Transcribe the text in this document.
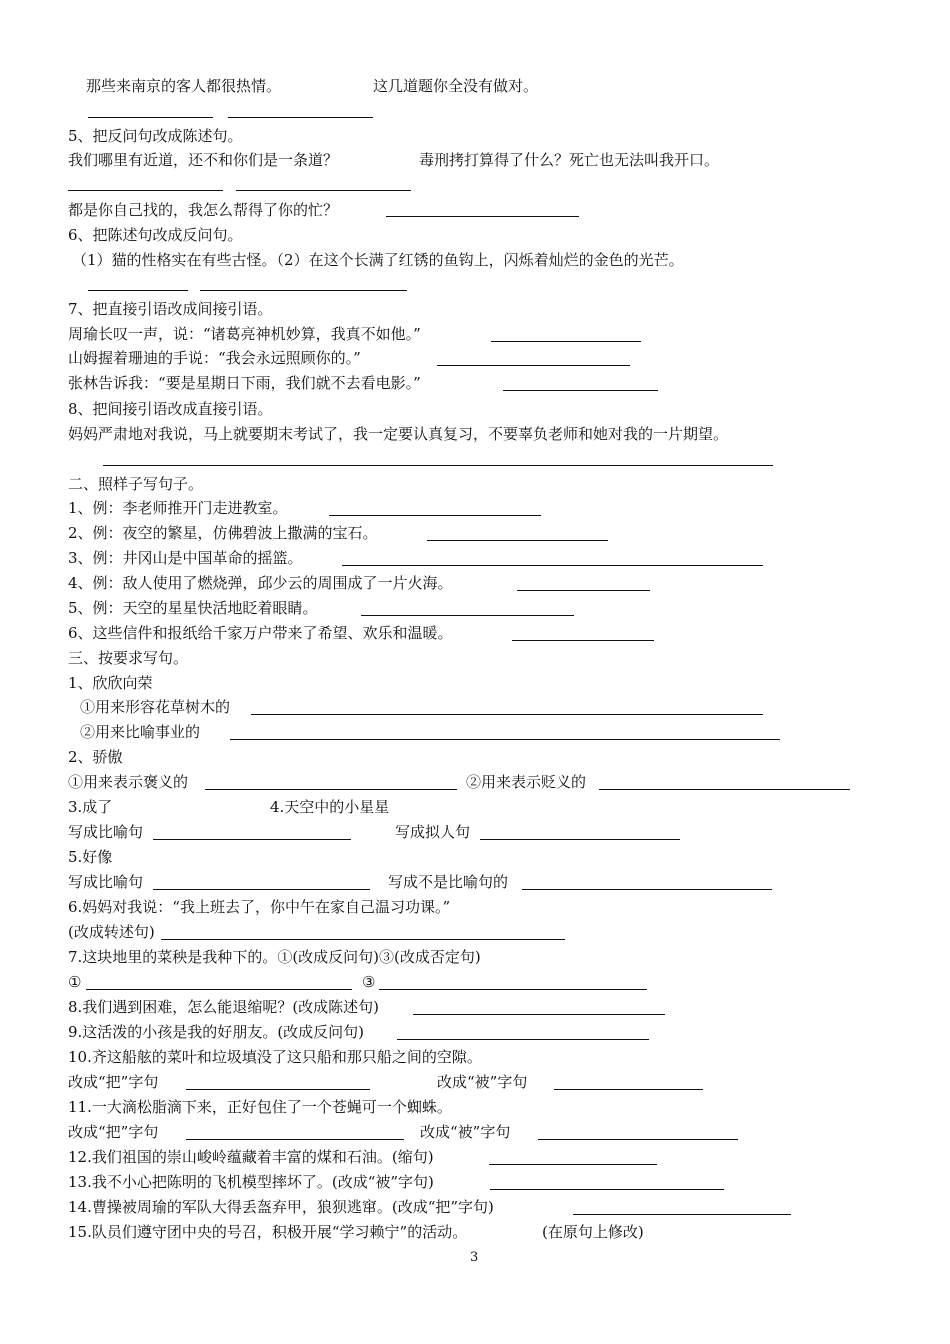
那些来南京的客人都很热情。	这几道题你全没有做对。
5、把反问句改成陈述句。
我们哪里有近道，还不和你们是一条道？	毒刑拷打算得了什么？死亡也无法叫我开口。
都是你自己找的，我怎么帮得了你的忙？
6、把陈述句改成反问句。
（1）猫的性格实在有些古怪。（2）在这个长满了红锈的鱼钩上，闪烁着灿烂的金色的光芒。
7、把直接引语改成间接引语。
周瑜长叹一声，说：“诸葛亮神机妙算，我真不如他。”
山姆握着珊迪的手说：“我会永远照顾你的。”
张林告诉我：“要是星期日下雨，我们就不去看电影。”
8、把间接引语改成直接引语。
妈妈严肃地对我说，马上就要期末考试了，我一定要认真复习，不要辜负老师和她对我的一片期望。
二、照样子写句子。
1、例：李老师推开门走进教室。
2、例：夜空的繁星，仿佛碧波上撒满的宝石。
3、例：井冈山是中国革命的摇篮。
4、例：敌人使用了燃烧弹，邱少云的周围成了一片火海。
5、例：天空的星星快活地眨着眼睛。
6、这些信件和报纸给千家万户带来了希望、欢乐和温暖。
三、按要求写句。
1、欣欣向荣
①用来形容花草树木的
②用来比喻事业的
2、骄傲
①用来表示褒义的	②用来表示贬义的
3.成了	4.天空中的小星星
写成比喻句	写成拟人句
5.好像
写成比喻句	写成不是比喻句的
6.妈妈对我说：“我上班去了，你中午在家自己温习功课。”
(改成转述句)
7.这块地里的菜秧是我种下的。①(改成反问句)③(改成否定句)
①	③
8.我们遇到困难，怎么能退缩呢？(改成陈述句)
9.这活泼的小孩是我的好朋友。(改成反问句)
10.齐这船舷的菜叶和垃圾填没了这只船和那只船之间的空隙。
改成“把”字句	改成“被”字句
11.一大滴松脂滴下来，正好包住了一个苍蝇可一个蜘蛛。
改成“把”字句	改成“被”字句
12.我们祖国的崇山峻岭蕴藏着丰富的煤和石油。(缩句)
13.我不小心把陈明的飞机模型摔坏了。(改成“被”字句)
14.曹操被周瑜的军队大得丢盔弃甲，狼狈逃窜。(改成“把”字句)
15.队员们遵守团中央的号召，积极开展“学习赖宁”的活动。	(在原句上修改)
3
